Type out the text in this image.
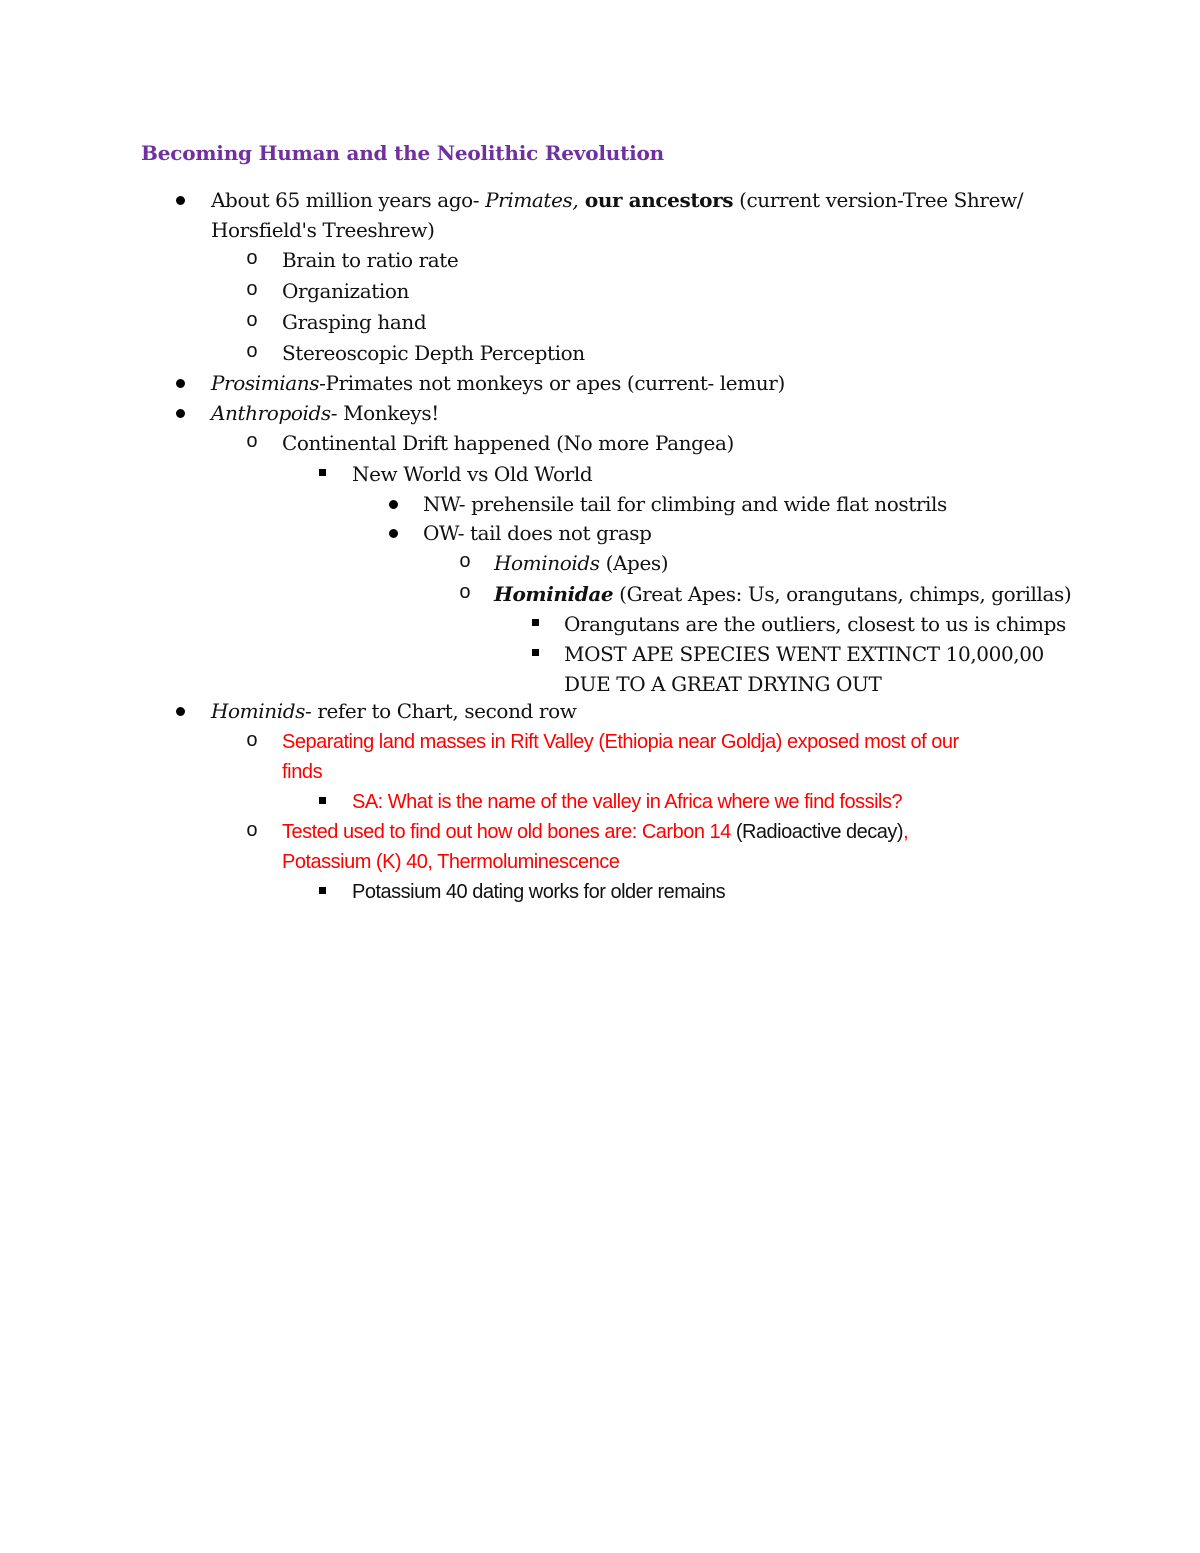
Becoming Human and the Neolithic Revolution
About 65 million years ago- Primates, our ancestors (current version-Tree Shrew/
Horsfield's Treeshrew)
o Brain to ratio rate
o Organization
o Grasping hand
o Stereoscopic Depth Perception
Prosimians-Primates not monkeys or apes (current- lemur)
Anthropoids- Monkeys!
o Continental Drift happened (No more Pangea)
New World vs Old World
NW- prehensile tail for climbing and wide flat nostrils
OW- tail does not grasp
o Hominoids (Apes)
o Hominidae (Great Apes: Us, orangutans, chimps, gorillas)
Orangutans are the outliers, closest to us is chimps
MOST APE SPECIES WENT EXTINCT 10,000,00
DUE TO A GREAT DRYING OUT
Hominids- refer to Chart, second row
o Separating land masses in Rift Valley (Ethiopia near Goldja) exposed most of our
finds
SA: What is the name of the valley in Africa where we find fossils?
o Tested used to find out how old bones are: Carbon 14 (Radioactive decay),
Potassium (K) 40, Thermoluminescence
Potassium 40 dating works for older remains
